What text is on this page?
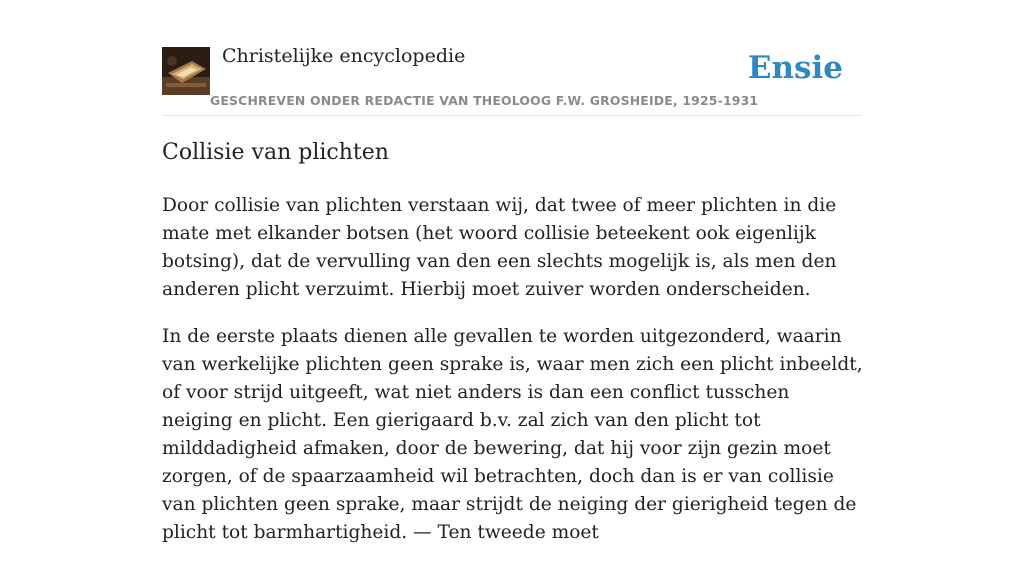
Christelijke encyclopedie
GESCHREVEN ONDER REDACTIE VAN THEOLOOG F.W. GROSHEIDE, 1925-1931
Ensie
Collisie van plichten

Door collisie van plichten verstaan wij, dat twee of meer plichten in die mate met elkander botsen (het woord collisie beteekent ook eigenlijk botsing), dat de vervulling van den een slechts mogelijk is, als men den anderen plicht verzuimt. Hierbij moet zuiver worden onderscheiden.

In de eerste plaats dienen alle gevallen te worden uitgezonderd, waarin van werkelijke plichten geen sprake is, waar men zich een plicht inbeeldt, of voor strijd uitgeeft, wat niet anders is dan een conflict tusschen neiging en plicht. Een gierigaard b.v. zal zich van den plicht tot milddadigheid afmaken, door de bewering, dat hij voor zijn gezin moet zorgen, of de spaarzaamheid wil betrachten, doch dan is er van collisie van plichten geen sprake, maar strijdt de neiging der gierigheid tegen de plicht tot barmhartigheid. — Ten tweede moet
